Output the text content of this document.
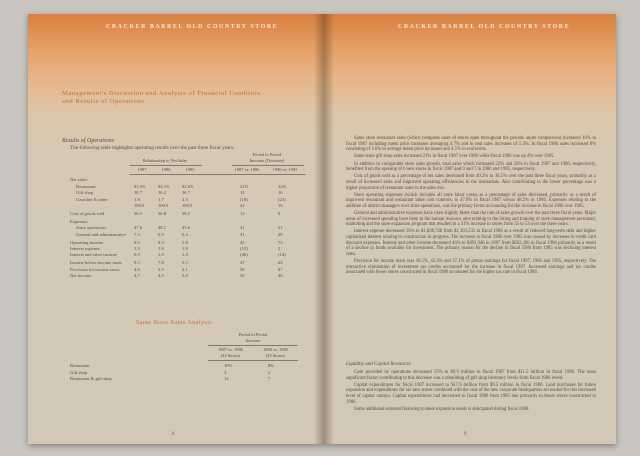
CRACKER BARREL OLD COUNTRY STORE
Management's Discussion and Analysis of Financial Condition
and Results of Operations
Results of Operations
The following table highlights operating results over the past three fiscal years:
Relationship to Net Sales
Period to Period
Increase (Decrease)
1987	1986	1985	1987 vs. 1986	1986 vs. 1985
Net sales:
Restaurant	81.5%	84.1%	82.6%	21%	22%
Gift shop	18.7	16.2	16.7	15	16
Gasoline & other	1.8	1.7	2.3	(18)	(23)
100.0	100.0	100.0	22	19
Cost of goods sold	36.5	36.8	38.2	13	9
Expenses:
Store operations	47.6	48.2	45.6	21	21
General and administrative 7.3	6.9	6.4	31	29
Operating income	9.9	8.3	5.8	45	73
Interest expense	1.3	1.6	1.9	(10)	2
Interest and other income	0.5	1.0	1.4	(46)	(14)
Income before income taxes	9.3	7.8	5.3	47	63
Provision for income taxes	4.6	3.5	2.1	58	87
Net income	4.7	4.5	3.0	30	49
Same Store Sales Analysis
Period to Period
Increase
1987 vs. 1986	1986 vs. 1985
(42 Stores)	(35 Stores)
Restaurant	10%	8%
Gift shop	3	2
Restaurant & gift shop	12	7
8
CRACKER BARREL OLD COUNTRY STORE

Same store restaurant sales (which compares sales of stores open throughout the periods under comparison) increased 10% in fiscal 1987 including menu price increases averaging 4.7% and in real sales increases of 5.3%. In fiscal 1986 sales increased 8% consisting of 3.6% in average menu price increases and 4.5% in real terms.

Same store gift shop sales increased 21% in fiscal 1987 over 1986 while fiscal 1986 was up 4% over 1985.

In addition to comparable store sales growth, total sales which increased 22% and 20% in fiscal 1987 and 1986, respectively, benefited from the opening of 6 new stores in fiscal 1987 and 9 and 7 in 1986 and 1985, respectively.

Cost of goods sold as a percentage of net sales decreased from 40.2% to 36.5% over the past three fiscal years, primarily as a result of increased sales and improved operating efficiencies in the restaurants. Also contributing to the lower percentage was a higher proportion of restaurant sales in the sales mix.

Store operating expenses (which includes all store labor costs) as a percentage of sales decreased, primarily as a result of improved restaurant and restaurant labor cost controls, to 47.6% in fiscal 1987 versus 48.2% in 1986. Expenses relating to the addition of district managers over store operations, was the primary factor accounting for the increase in fiscal 1986 over 1985.

General and administrative expenses have risen slightly faster than the rate of sales growth over the past three fiscal years. Major areas of increased spending have been in the human resource area relating to the hiring and training of store management personnel, marketing and the store expansion program that resulted in a 31% increase in stores from 35 to 53 over the three years.

Interest expense decreased 16% to $1,098,748 from $1,303,235 in fiscal 1986 as a result of reduced long-term debt and higher capitalized interest relating to construction in progress. The increase in fiscal 1986 over 1985 was caused by increases in credit card discount expenses. Interest and other income decreased 46% to $492,940 in 1987 from $822,200 in fiscal 1986 primarily as a result of a decline in funds available for investment. The primary reason for the decline in fiscal 1986 from 1985 was declining interest rates.

Provision for income taxes was 49.5%, 45.3% and 37.1% of pretax earnings for fiscal 1987, 1986 and 1985, respectively. The retroactive elimination of investment tax credits accounted for the increase in fiscal 1987. Increased earnings and tax credits associated with fewer stores constructed in fiscal 1986 accounted for the higher tax rate in fiscal 1986.

Liquidity and Capital Resources

Cash provided by operations decreased 15% to $9.9 million in fiscal 1987 from $11.5 million in fiscal 1986. The most significant factor contributing to this decrease was a rebuilding of gift shop inventory levels from fiscal 1986 levels.

Capital expenditures for fiscal 1987 increased to $17.9 million from $9.5 million in fiscal 1986. Land purchases for future expansion and expenditures for six new stores combined with the cost of the new corporate headquarters accounted for this increased level of capital outlays. Capital expenditures had decreased in fiscal 1986 from 1985 due primarily to fewer stores constructed in 1986.

Some additional external financing to meet expansion needs is anticipated during fiscal 1988.

9
